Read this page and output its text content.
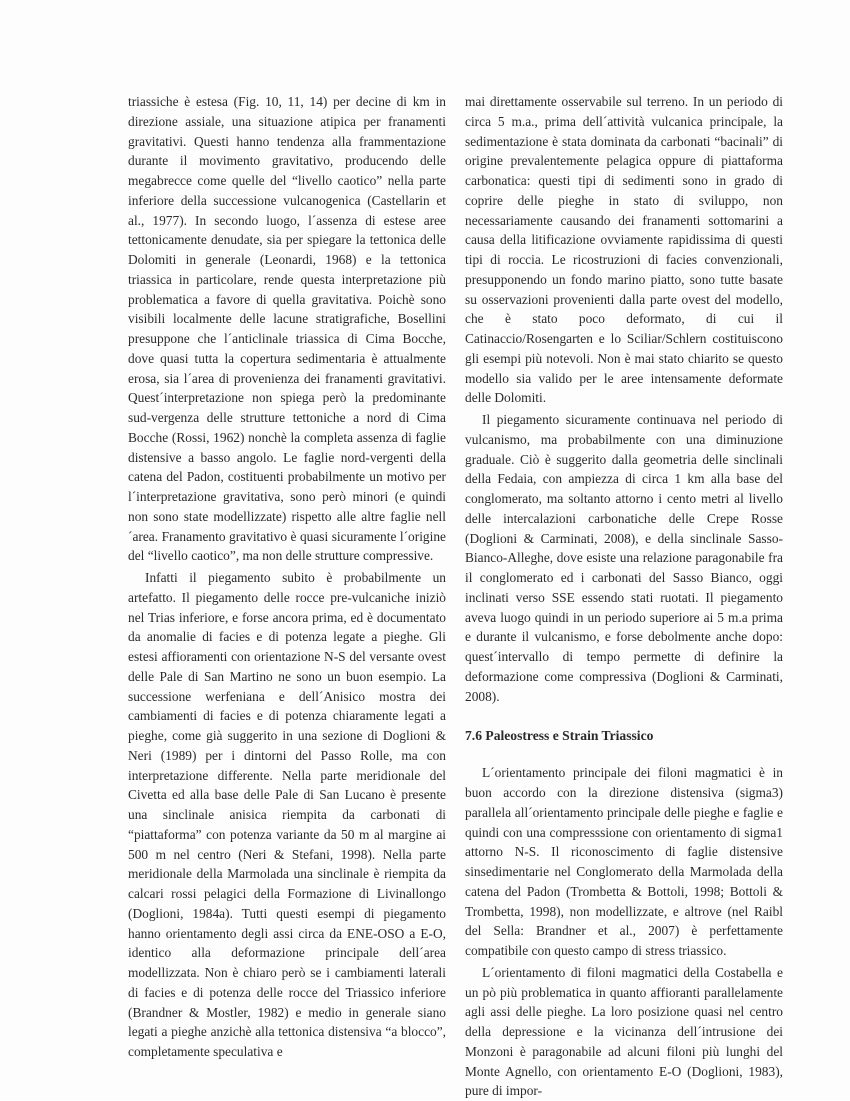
triassiche è estesa (Fig. 10, 11, 14) per decine di km in direzione assiale, una situazione atipica per franamenti gravitativi. Questi hanno tendenza alla frammentazione durante il movimento gravitativo, producendo delle megabrecce come quelle del “livello caotico” nella parte inferiore della successione vulcanogenica (Castellarin et al., 1977). In secondo luogo, l´assenza di estese aree tettonicamente denudate, sia per spiegare la tettonica delle Dolomiti in generale (Leonardi, 1968) e la tettonica triassica in particolare, rende questa interpretazione più problematica a favore di quella gravitativa. Poichè sono visibili localmente delle lacune stratigrafiche, Bosellini presuppone che l´anticlinale triassica di Cima Bocche, dove quasi tutta la copertura sedimentaria è attualmente erosa, sia l´area di provenienza dei franamenti gravitativi. Quest´interpretazione non spiega però la predominante sud-vergenza delle strutture tettoniche a nord di Cima Bocche (Rossi, 1962) nonchè la completa assenza di faglie distensive a basso angolo. Le faglie nord-vergenti della catena del Padon, costituenti probabilmente un motivo per l´interpretazione gravitativa, sono però minori (e quindi non sono state modellizzate) rispetto alle altre faglie nell´area. Franamento gravitativo è quasi sicuramente l´origine del “livello caotico”, ma non delle strutture compressive.

Infatti il piegamento subito è probabilmente un artefatto. Il piegamento delle rocce pre-vulcaniche iniziò nel Trias inferiore, e forse ancora prima, ed è documentato da anomalie di facies e di potenza legate a pieghe. Gli estesi affioramenti con orientazione N-S del versante ovest delle Pale di San Martino ne sono un buon esempio. La successione werfeniana e dell´Anisico mostra dei cambiamenti di facies e di potenza chiaramente legati a pieghe, come già suggerito in una sezione di Doglioni & Neri (1989) per i dintorni del Passo Rolle, ma con interpretazione differente. Nella parte meridionale del Civetta ed alla base delle Pale di San Lucano è presente una sinclinale anisica riempita da carbonati di “piattaforma” con potenza variante da 50 m al margine ai 500 m nel centro (Neri & Stefani, 1998). Nella parte meridionale della Marmolada una sinclinale è riempita da calcari rossi pelagici della Formazione di Livinallongo (Doglioni, 1984a). Tutti questi esempi di piegamento hanno orientamento degli assi circa da ENE-OSO a E-O, identico alla deformazione principale dell´area modellizzata. Non è chiaro però se i cambiamenti laterali di facies e di potenza delle rocce del Triassico inferiore (Brandner & Mostler, 1982) e medio in generale siano legati a pieghe anzichè alla tettonica distensiva “a blocco”, completamente speculativa e

mai direttamente osservabile sul terreno. In un periodo di circa 5 m.a., prima dell´attività vulcanica principale, la sedimentazione è stata dominata da carbonati “bacinali” di origine prevalentemente pelagica oppure di piattaforma carbonatica: questi tipi di sedimenti sono in grado di coprire delle pieghe in stato di sviluppo, non necessariamente causando dei franamenti sottomarini a causa della litificazione ovviamente rapidissima di questi tipi di roccia. Le ricostruzioni di facies convenzionali, presupponendo un fondo marino piatto, sono tutte basate su osservazioni provenienti dalla parte ovest del modello, che è stato poco deformato, di cui il Catinaccio/Rosengarten e lo Sciliar/Schlern costituiscono gli esempi più notevoli. Non è mai stato chiarito se questo modello sia valido per le aree intensamente deformate delle Dolomiti.

Il piegamento sicuramente continuava nel periodo di vulcanismo, ma probabilmente con una diminuzione graduale. Ciò è suggerito dalla geometria delle sinclinali della Fedaia, con ampiezza di circa 1 km alla base del conglomerato, ma soltanto attorno i cento metri al livello delle intercalazioni carbonatiche delle Crepe Rosse (Doglioni & Carminati, 2008), e della sinclinale Sasso-Bianco-Alleghe, dove esiste una relazione paragonabile fra il conglomerato ed i carbonati del Sasso Bianco, oggi inclinati verso SSE essendo stati ruotati. Il piegamento aveva luogo quindi in un periodo superiore ai 5 m.a prima e durante il vulcanismo, e forse debolmente anche dopo: quest´intervallo di tempo permette di definire la deformazione come compressiva (Doglioni & Carminati, 2008).

7.6 Paleostress e Strain Triassico

L´orientamento principale dei filoni magmatici è in buon accordo con la direzione distensiva (sigma3) parallela all´orientamento principale delle pieghe e faglie e quindi con una compresssione con orientamento di sigma1 attorno N-S. Il riconoscimento di faglie distensive sinsedimentarie nel Conglomerato della Marmolada della catena del Padon (Trombetta & Bottoli, 1998; Bottoli & Trombetta, 1998), non modellizzate, e altrove (nel Raibl del Sella: Brandner et al., 2007) è perfettamente compatibile con questo campo di stress triassico.

L´orientamento di filoni magmatici della Costabella e un pò più problematica in quanto affioranti parallelamente agli assi delle pieghe. La loro posizione quasi nel centro della depressione e la vicinanza dell´intrusione dei Monzoni è paragonabile ad alcuni filoni più lunghi del Monte Agnello, con orientamento E-O (Doglioni, 1983), pure di impor-
